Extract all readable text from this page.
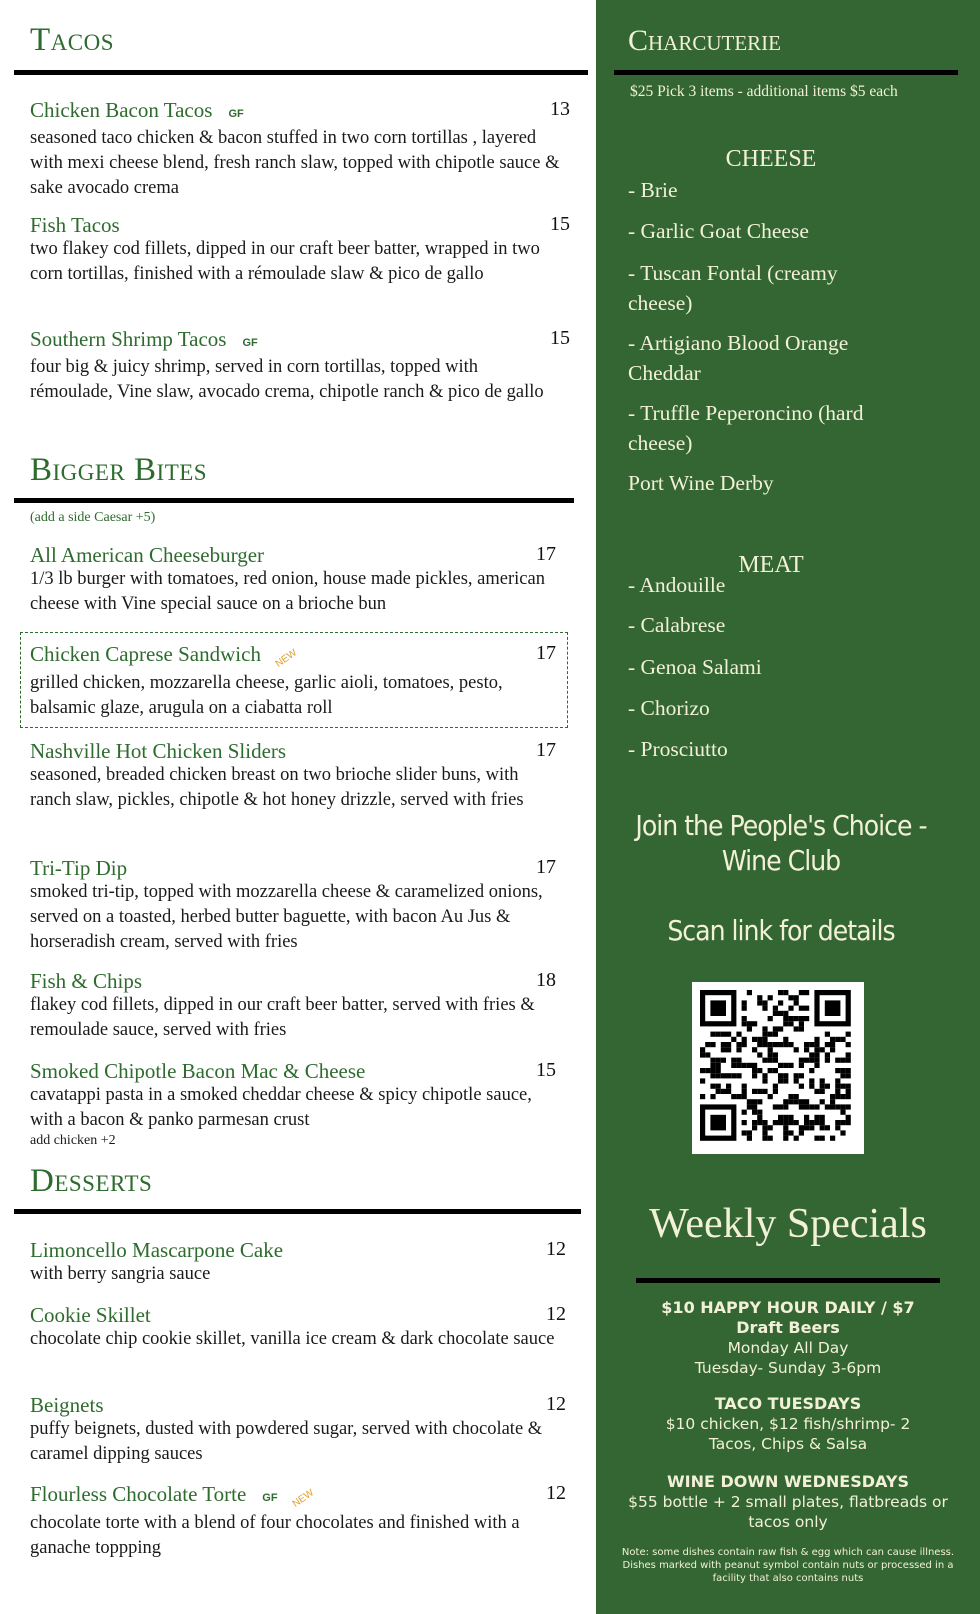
Tacos
Chicken Bacon Tacos GF	13
seasoned taco chicken & bacon stuffed in two corn tortillas , layered with mexi cheese blend, fresh ranch slaw, topped with chipotle sauce & sake avocado crema
Fish Tacos	15
two flakey cod fillets, dipped in our craft beer batter, wrapped in two corn tortillas, finished with a rémoulade slaw & pico de gallo
Southern Shrimp Tacos GF	15
four big & juicy shrimp, served in corn tortillas, topped with rémoulade, Vine slaw, avocado crema, chipotle ranch & pico de gallo
Bigger Bites
(add a side Caesar +5)
All American Cheeseburger	17
1/3 lb burger with tomatoes, red onion, house made pickles, american cheese with Vine special sauce on a brioche bun
Chicken Caprese Sandwich	NEW	17
grilled chicken, mozzarella cheese, garlic aioli, tomatoes, pesto, balsamic glaze, arugula on a ciabatta roll
Nashville Hot Chicken Sliders	17
seasoned, breaded chicken breast on two brioche slider buns, with ranch slaw, pickles, chipotle & hot honey drizzle, served with fries
Tri-Tip Dip	17
smoked tri-tip, topped with mozzarella cheese & caramelized onions, served on a toasted, herbed butter baguette, with bacon Au Jus & horseradish cream, served with fries
Fish & Chips	18
flakey cod fillets, dipped in our craft beer batter, served with fries & remoulade sauce, served with fries
Smoked Chipotle Bacon Mac & Cheese	15
cavatappi pasta in a smoked cheddar cheese & spicy chipotle sauce, with a bacon & panko parmesan crust
add chicken +2
Desserts
Limoncello Mascarpone Cake	12
with berry sangria sauce
Cookie Skillet	12
chocolate chip cookie skillet, vanilla ice cream & dark chocolate sauce
Beignets	12
puffy beignets, dusted with powdered sugar, served with chocolate & caramel dipping sauces
Flourless Chocolate Torte GF	NEW	12
chocolate torte with a blend of four chocolates and finished with a ganache toppping
Charcuterie
$25 Pick 3 items - additional items $5 each
CHEESE
- Brie
- Garlic Goat Cheese
- Tuscan Fontal (creamy cheese)
- Artigiano Blood Orange Cheddar
- Truffle Peperoncino (hard cheese)
Port Wine Derby
MEAT
- Andouille
- Calabrese
- Genoa Salami
- Chorizo
- Prosciutto
Join the People's Choice -
Wine Club
Scan link for details
Weekly Specials
$10 HAPPY HOUR DAILY / $7 Draft Beers
Monday All Day
Tuesday- Sunday 3-6pm
TACO TUESDAYS
$10 chicken, $12 fish/shrimp- 2 Tacos, Chips & Salsa
WINE DOWN WEDNESDAYS
$55 bottle + 2 small plates, flatbreads or tacos only
Note: some dishes contain raw fish & egg which can cause illness. Dishes marked with peanut symbol contain nuts or processed in a facility that also contains nuts
